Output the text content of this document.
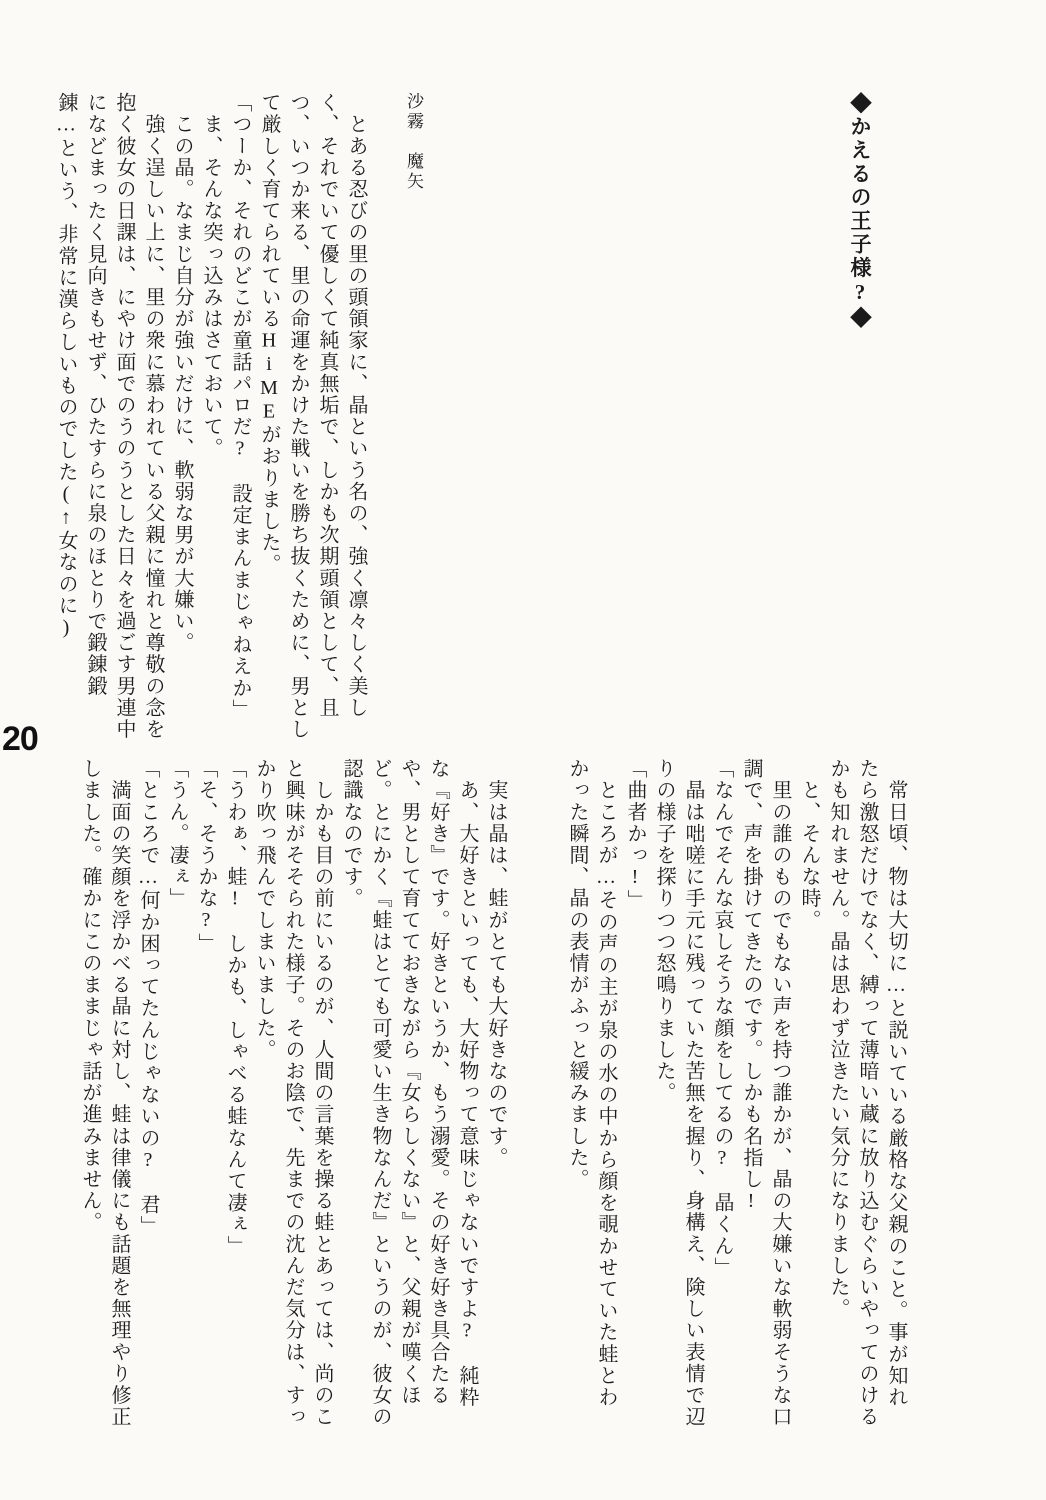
◆かえるの王子様?◆
沙霧　魔矢

　とある忍びの里の頭領家に、晶という名の、強く凛々しく美しく、それでいて優しくて純真無垢で、しかも次期頭領として、且つ、いつか来る、里の命運をかけた戦いを勝ち抜くために、男として厳しく育てられているHiMEがおりました。

「つーか、それのどこが童話パロだ?　設定まんまじゃねえか」

　ま、そんな突っ込みはさておいて。

　この晶。なまじ自分が強いだけに、軟弱な男が大嫌い。

　強く逞しい上に、里の衆に慕われている父親に憧れと尊敬の念を抱く彼女の日課は、にやけ面でのうのうとした日々を過ごす男連中になどまったく見向きもせず、ひたすらに泉のほとりで鍛錬鍛錬…という、非常に漢らしいものでした(↑女なのに)

　常日頃、物は大切に…と説いている厳格な父親のこと。事が知れたら激怒だけでなく、縛って薄暗い蔵に放り込むぐらいやってのけるかも知れません。晶は思わず泣きたい気分になりました。

　と、そんな時。

　里の誰のものでもない声を持つ誰かが、晶の大嫌いな軟弱そうな口調で、声を掛けてきたのです。しかも名指し!

「なんでそんな哀しそうな顔をしてるの?　晶くん」

　晶は咄嗟に手元に残っていた苦無を握り、身構え、険しい表情で辺りの様子を探りつつ怒鳴りました。

「曲者かっ!」

　ところが…その声の主が泉の水の中から顔を覗かせていた蛙とわかった瞬間、晶の表情がふっと緩みました。

　実は晶は、蛙がとても大好きなのです。

　あ、大好きといっても、大好物って意味じゃないですよ?　純粋な『好き』です。好きというか、もう溺愛。その好き好き具合たるや、男として育てておきながら『女らしくない』と、父親が嘆くほど。とにかく『蛙はとても可愛い生き物なんだ』というのが、彼女の認識なのです。

　しかも目の前にいるのが、人間の言葉を操る蛙とあっては、尚のこと興味がそそられた様子。そのお陰で、先までの沈んだ気分は、すっかり吹っ飛んでしまいました。

「うわぁ、蛙!　しかも、しゃべる蛙なんて凄ぇ」

「そ、そうかな?」

「うん。凄ぇ」

「ところで…何か困ってたんじゃないの?　君」

　満面の笑顔を浮かべる晶に対し、蛙は律儀にも話題を無理やり修正しました。確かにこのままじゃ話が進みません。

20
